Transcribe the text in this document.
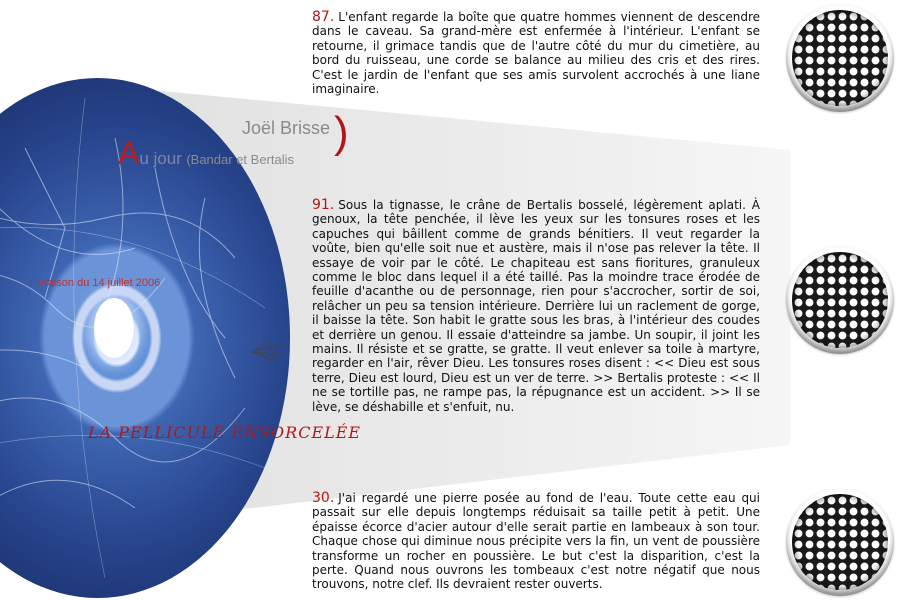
Joël Brisse )
Au jour (Bandar et Bertalis
Livraison du 14 juillet 2006
LA PELLICULE ENSORCELÉE
87. L'enfant regarde la boîte que quatre hommes viennent de descendre dans le caveau. Sa grand-mère est enfermée à l'intérieur. L'enfant se retourne, il grimace tandis que de l'autre côté du mur du cimetière, au bord du ruisseau, une corde se balance au milieu des cris et des rires. C'est le jardin de l'enfant que ses amis survolent accrochés à une liane imaginaire.
91. Sous la tignasse, le crâne de Bertalis bosselé, légèrement aplati. À genoux, la tête penchée, il lève les yeux sur les tonsures roses et les capuches qui bâillent comme de grands bénitiers. Il veut regarder la voûte, bien qu'elle soit nue et austère, mais il n'ose pas relever la tête. Il essaye de voir par le côté. Le chapiteau est sans fioritures, granuleux comme le bloc dans lequel il a été taillé. Pas la moindre trace érodée de feuille d'acanthe ou de personnage, rien pour s'accrocher, sortir de soi, relâcher un peu sa tension intérieure. Derrière lui un raclement de gorge, il baisse la tête. Son habit le gratte sous les bras, à l'intérieur des coudes et derrière un genou. Il essaie d'atteindre sa jambe. Un soupir, il joint les mains. Il résiste et se gratte, se gratte. Il veut enlever sa toile à martyre, regarder en l'air, rêver Dieu. Les tonsures roses disent : << Dieu est sous terre, Dieu est lourd, Dieu est un ver de terre. >> Bertalis proteste : << Il ne se tortille pas, ne rampe pas, la répugnance est un accident. >> Il se lève, se déshabille et s'enfuit, nu.
30. J'ai regardé une pierre posée au fond de l'eau. Toute cette eau qui passait sur elle depuis longtemps réduisait sa taille petit à petit. Une épaisse écorce d'acier autour d'elle serait partie en lambeaux à son tour. Chaque chose qui diminue nous précipite vers la fin, un vent de poussière transforme un rocher en poussière. Le but c'est la disparition, c'est la perte. Quand nous ouvrons les tombeaux c'est notre négatif que nous trouvons, notre clef. Ils devraient rester ouverts.
